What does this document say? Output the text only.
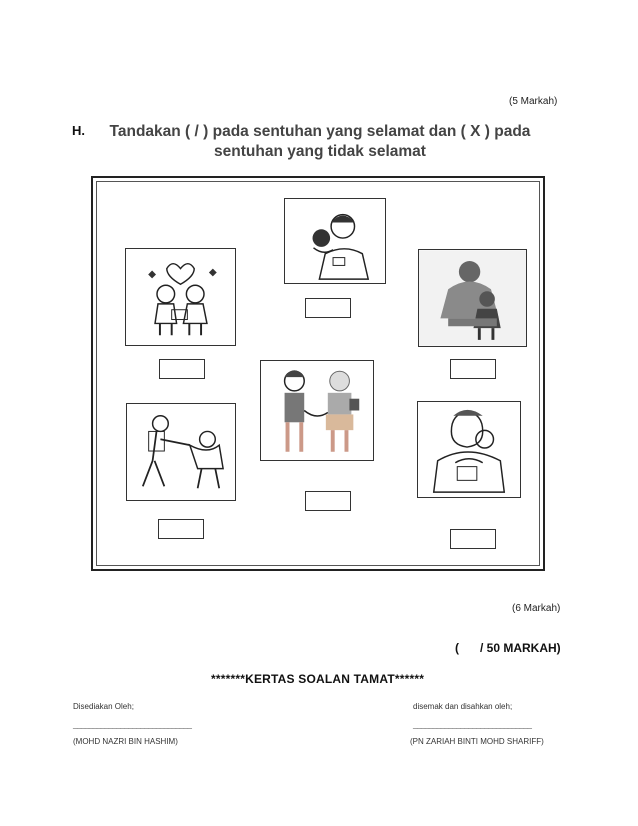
(5 Markah)
H.	Tandakan ( / ) pada sentuhan yang selamat dan ( X ) pada
sentuhan yang tidak selamat
(6 Markah)
( / 50 MARKAH)
*******KERTAS SOALAN TAMAT******
Disediakan Oleh;
______________________________
(MOHD NAZRI BIN HASHIM)
disemak dan disahkan oleh;
______________________________
(PN ZARIAH BINTI MOHD SHARIFF)
